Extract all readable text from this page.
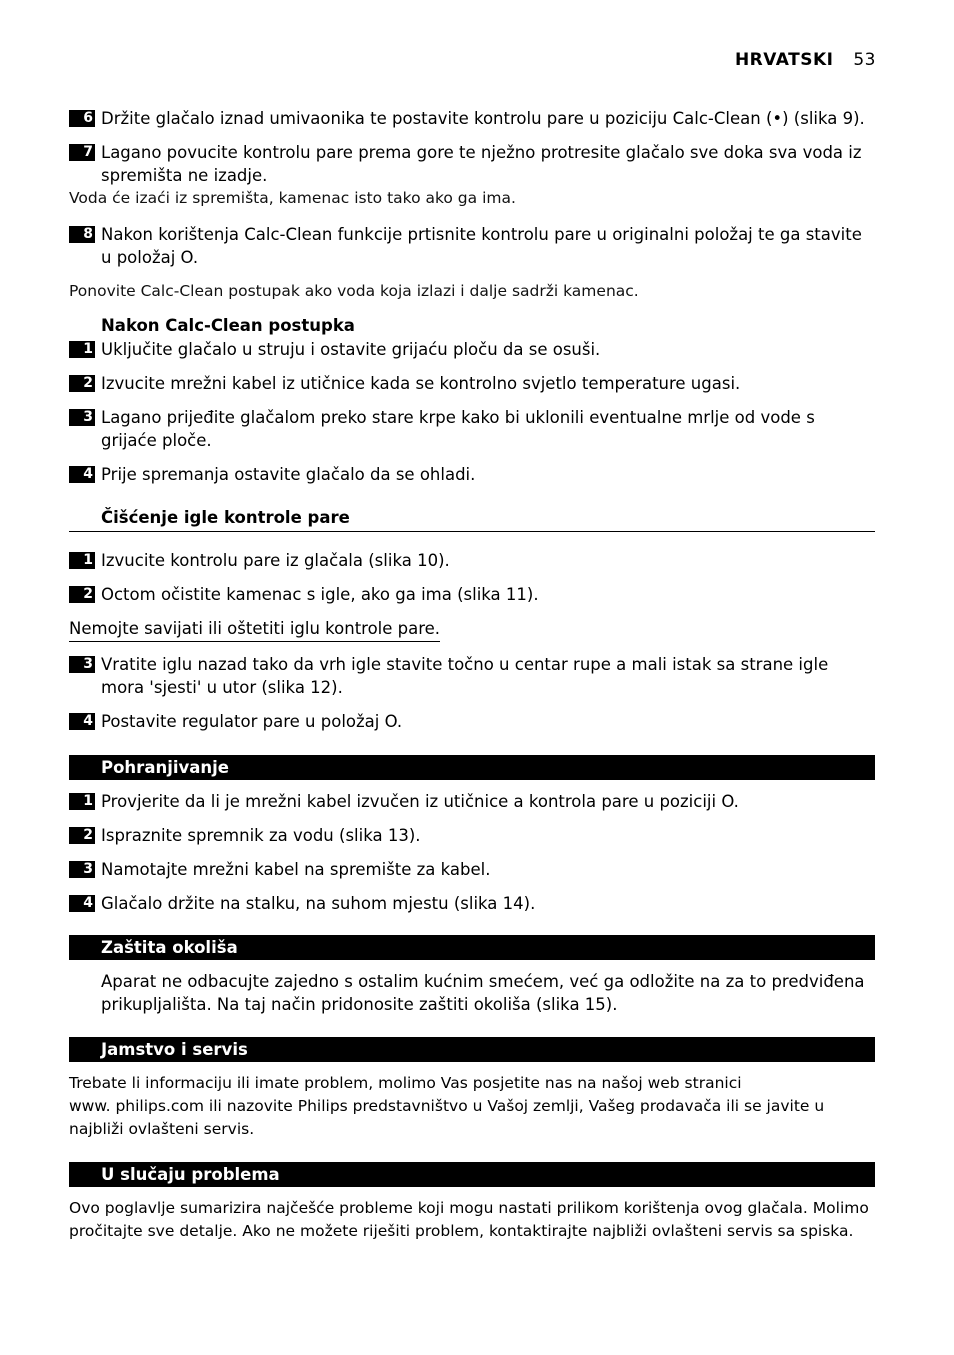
HRVATSKI 53
6 Držite glačalo iznad umivaonika te postavite kontrolu pare u poziciju Calc-Clean (•) (slika 9).
7 Lagano povucite kontrolu pare prema gore te nježno protresite glačalo sve doka sva voda iz spremišta ne izadje.
Voda će izaći iz spremišta, kamenac isto tako ako ga ima.
8 Nakon korištenja Calc-Clean funkcije prtisnite kontrolu pare u originalni položaj te ga stavite u položaj O.
Ponovite Calc-Clean postupak ako voda koja izlazi i dalje sadrži kamenac.
Nakon Calc-Clean postupka
1 Uključite glačalo u struju i ostavite grijaću ploču da se osuši.
2 Izvucite mrežni kabel iz utičnice kada se kontrolno svjetlo temperature ugasi.
3 Lagano prijeđite glačalom preko stare krpe kako bi uklonili eventualne mrlje od vode s grijaće ploče.
4 Prije spremanja ostavite glačalo da se ohladi.
Čišćenje igle kontrole pare
1 Izvucite kontrolu pare iz glačala (slika 10).
2 Octom očistite kamenac s igle, ako ga ima (slika 11).
Nemojte savijati ili oštetiti iglu kontrole pare.
3 Vratite iglu nazad tako da vrh igle stavite točno u centar rupe a mali istak sa strane igle mora 'sjesti' u utor (slika 12).
4 Postavite regulator pare u položaj O.
Pohranjivanje
1 Provjerite da li je mrežni kabel izvučen iz utičnice a kontrola pare u poziciji O.
2 Ispraznite spremnik za vodu (slika 13).
3 Namotajte mrežni kabel na spremište za kabel.
4 Glačalo držite na stalku, na suhom mjestu (slika 14).
Zaštita okoliša
Aparat ne odbacujte zajedno s ostalim kućnim smećem, već ga odložite na za to predviđena prikupljališta. Na taj način pridonosite zaštiti okoliša (slika 15).
Jamstvo i servis
Trebate li informaciju ili imate problem, molimo Vas posjetite nas na našoj web stranici
www. philips.com ili nazovite Philips predstavništvo u Vašoj zemlji, Vašeg prodavača ili se javite u najbliži ovlašteni servis.
U slučaju problema
Ovo poglavlje sumarizira najčešće probleme koji mogu nastati prilikom korištenja ovog glačala. Molimo pročitajte sve detalje. Ako ne možete riješiti problem, kontaktirajte najbliži ovlašteni servis sa spiska.
